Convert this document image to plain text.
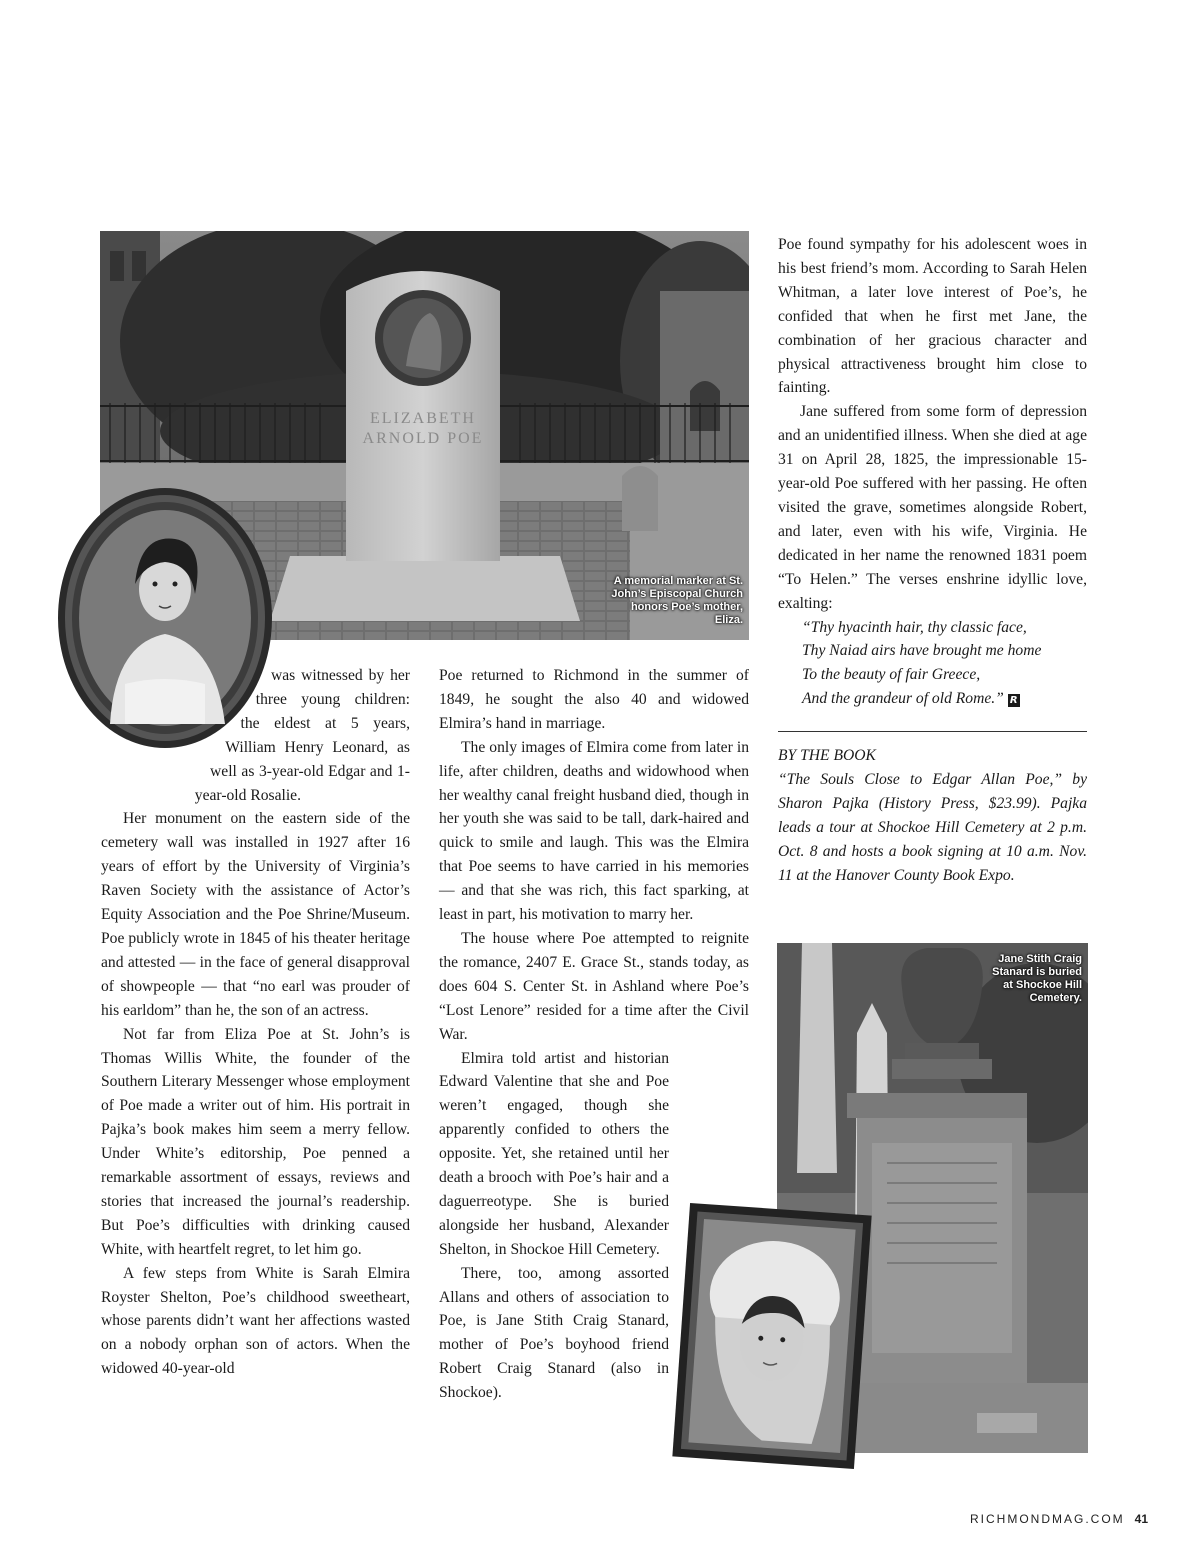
ELIZABETH
ARNOLD POE
A memorial marker at St. John’s Episcopal Church honors Poe’s mother, Eliza.

was witnessed by her three young children: the eldest at 5 years, William Henry Leonard, as well as 3-year-old Edgar and 1-year-old Rosalie.

Her monument on the eastern side of the cemetery wall was installed in 1927 after 16 years of effort by the University of Virginia’s Raven Society with the assistance of Actor’s Equity Association and the Poe Shrine/Museum. Poe publicly wrote in 1845 of his theater heritage and attested — in the face of general disapproval of showpeople — that “no earl was prouder of his earldom” than he, the son of an actress.

Not far from Eliza Poe at St. John’s is Thomas Willis White, the founder of the Southern Literary Messenger whose employment of Poe made a writer out of him. His portrait in Pajka’s book makes him seem a merry fellow. Under White’s editorship, Poe penned a remarkable assortment of essays, reviews and stories that increased the journal’s readership. But Poe’s difficulties with drinking caused White, with heartfelt regret, to let him go.

A few steps from White is Sarah Elmira Royster Shelton, Poe’s childhood sweetheart, whose parents didn’t want her affections wasted on a nobody orphan son of actors. When the widowed 40-year-old

Poe returned to Richmond in the summer of 1849, he sought the also 40 and widowed Elmira’s hand in marriage.

The only images of Elmira come from later in life, after children, deaths and widowhood when her wealthy canal freight husband died, though in her youth she was said to be tall, dark-haired and quick to smile and laugh. This was the Elmira that Poe seems to have carried in his memories — and that she was rich, this fact sparking, at least in part, his motivation to marry her.

The house where Poe attempted to reignite the romance, 2407 E. Grace St., stands today, as does 604 S. Center St. in Ashland where Poe’s “Lost Lenore” resided for a time after the Civil War.

Elmira told artist and historian Edward Valentine that she and Poe weren’t engaged, though she apparently confided to others the opposite. Yet, she retained until her death a brooch with Poe’s hair and a daguerreotype. She is buried alongside her husband, Alexander Shelton, in Shockoe Hill Cemetery.

There, too, among assorted Allans and others of association to Poe, is Jane Stith Craig Stanard, mother of Poe’s boyhood friend Robert Craig Stanard (also in Shockoe).

Poe found sympathy for his adolescent woes in his best friend’s mom. According to Sarah Helen Whitman, a later love interest of Poe’s, he confided that when he first met Jane, the combination of her gracious character and physical attractiveness brought him close to fainting.

Jane suffered from some form of depression and an unidentified illness. When she died at age 31 on April 28, 1825, the impressionable 15-year-old Poe suffered with her passing. He often visited the grave, sometimes alongside Robert, and later, even with his wife, Virginia. He dedicated in her name the renowned 1831 poem “To Helen.” The verses enshrine idyllic love, exalting:

“Thy hyacinth hair, thy classic face,
Thy Naiad airs have brought me home
To the beauty of fair Greece,
And the grandeur of old Rome.” R
BY THE BOOK
“The Souls Close to Edgar Allan Poe,” by Sharon Pajka (History Press, $23.99). Pajka leads a tour at Shockoe Hill Cemetery at 2 p.m. Oct. 8 and hosts a book signing at 10 a.m. Nov. 11 at the Hanover County Book Expo.
Jane Stith Craig Stanard is buried at Shockoe Hill Cemetery.
RICHMONDMAG.COM 41
